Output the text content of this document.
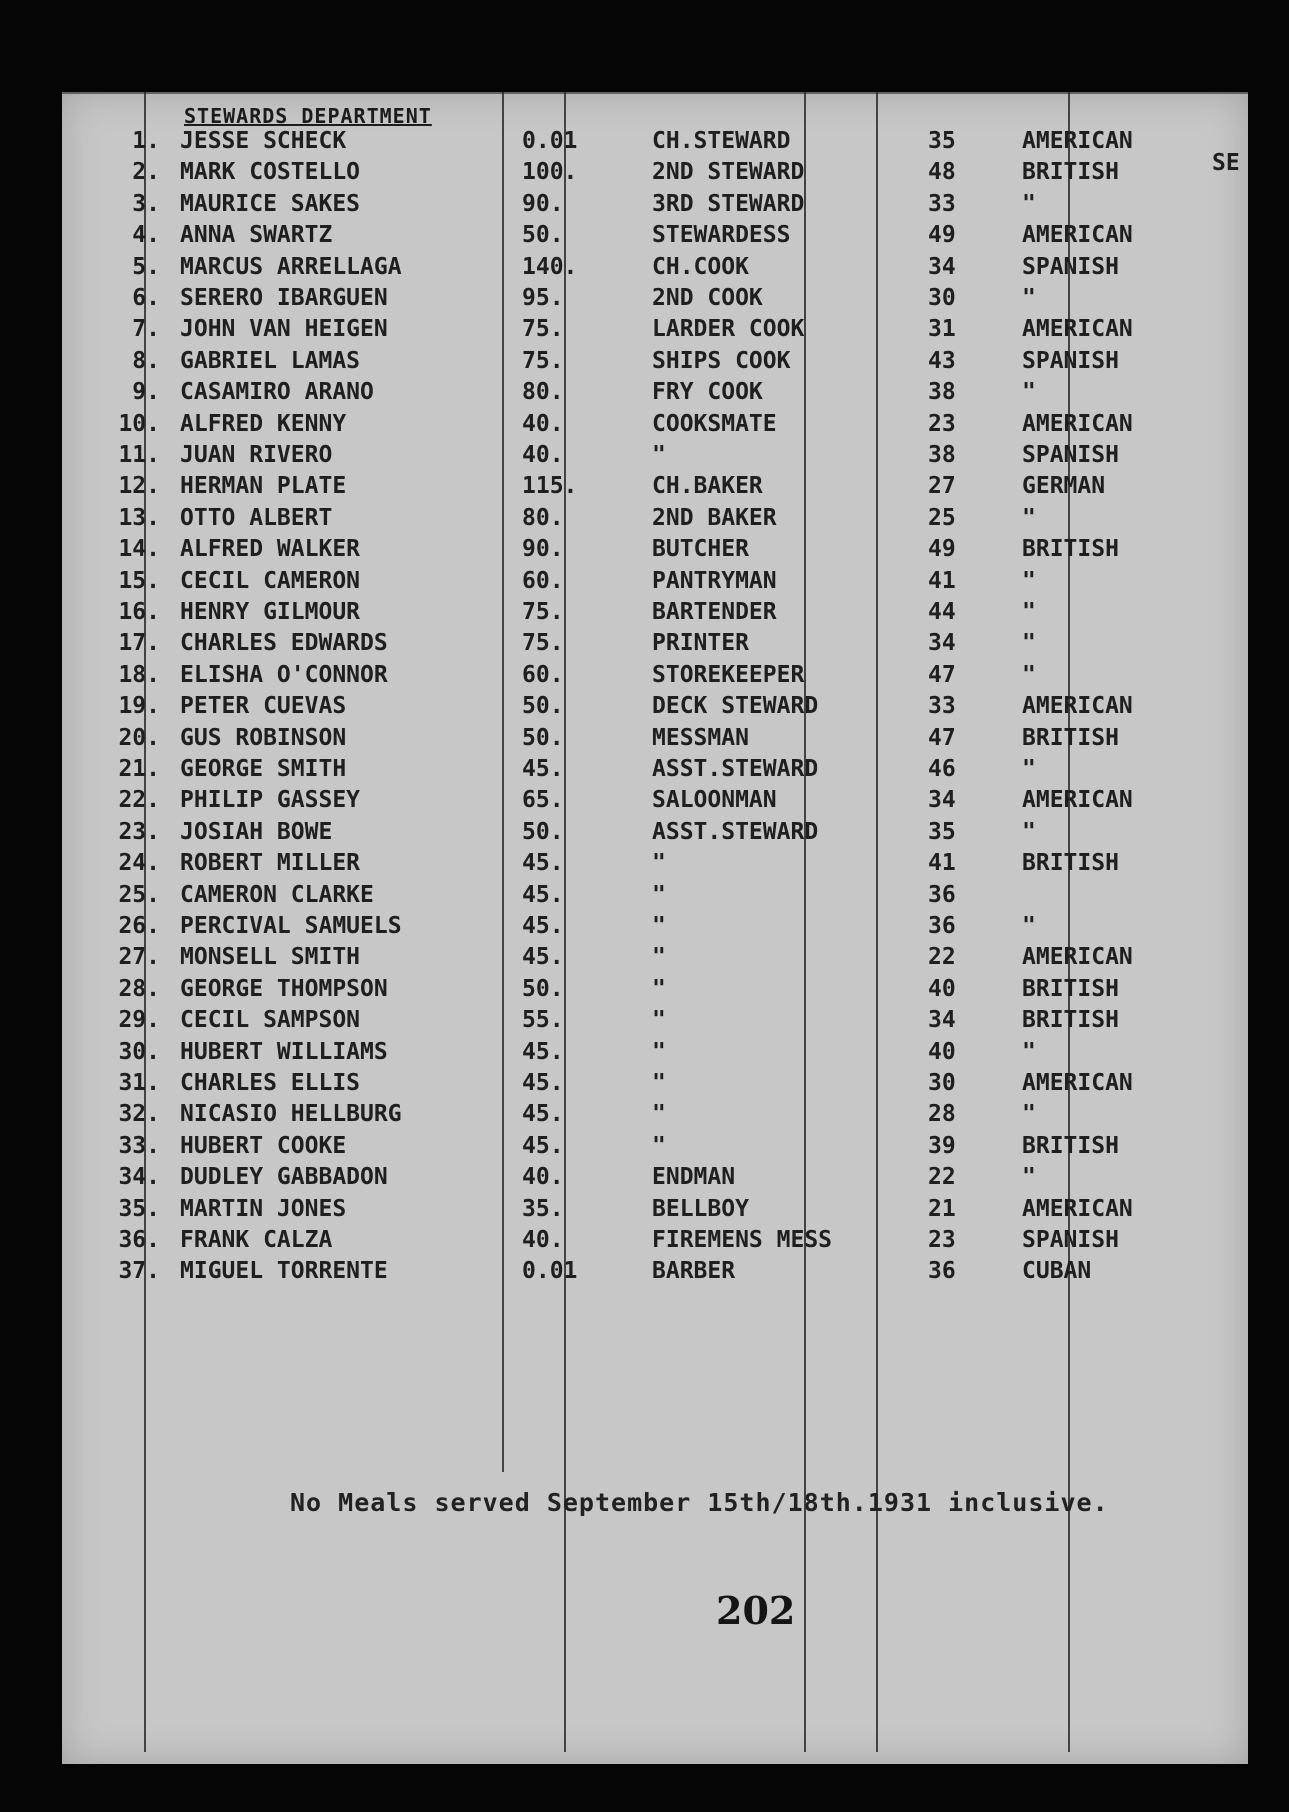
STEWARDS DEPARTMENT
SE
1. JESSE SCHECK	0.01	CH.STEWARD	35	AMERICAN
2. MARK COSTELLO	100.	2ND STEWARD	48	BRITISH
3. MAURICE SAKES	90.	3RD STEWARD	33	"
4. ANNA SWARTZ	50.	STEWARDESS	49	AMERICAN
5. MARCUS ARRELLAGA	140.	CH.COOK	34	SPANISH
6. SERERO IBARGUEN	95.	2ND COOK	30	"
7. JOHN VAN HEIGEN	75.	LARDER COOK	31	AMERICAN
8. GABRIEL LAMAS	75.	SHIPS COOK	43	SPANISH
9. CASAMIRO ARANO	80.	FRY COOK	38	"
10. ALFRED KENNY	40.	COOKSMATE	23	AMERICAN
11. JUAN RIVERO	40.	"	38	SPANISH
12. HERMAN PLATE	115.	CH.BAKER	27	GERMAN
13. OTTO ALBERT	80.	2ND BAKER	25	"
14. ALFRED WALKER	90.	BUTCHER	49	BRITISH
15. CECIL CAMERON	60.	PANTRYMAN	41	"
16. HENRY GILMOUR	75.	BARTENDER	44	"
17. CHARLES EDWARDS	75.	PRINTER	34	"
18. ELISHA O'CONNOR	60.	STOREKEEPER	47	"
19. PETER CUEVAS	50.	DECK STEWARD	33	AMERICAN
20. GUS ROBINSON	50.	MESSMAN	47	BRITISH
21. GEORGE SMITH	45.	ASST.STEWARD	46	"
22. PHILIP GASSEY	65.	SALOONMAN	34	AMERICAN
23. JOSIAH BOWE	50.	ASST.STEWARD	35	"
24. ROBERT MILLER	45.	"	41	BRITISH
25. CAMERON CLARKE	45.	"	36
26. PERCIVAL SAMUELS	45.	"	36	"
27. MONSELL SMITH	45.	"	22	AMERICAN
28. GEORGE THOMPSON	50.	"	40	BRITISH
29. CECIL SAMPSON	55.	"	34	BRITISH
30. HUBERT WILLIAMS	45.	"	40	"
31. CHARLES ELLIS	45.	"	30	AMERICAN
32. NICASIO HELLBURG	45.	"	28	"
33. HUBERT COOKE	45.	"	39	BRITISH
34. DUDLEY GABBADON	40.	ENDMAN	22	"
35. MARTIN JONES	35.	BELLBOY	21	AMERICAN
36. FRANK CALZA	40.	FIREMENS MESS	23	SPANISH
37. MIGUEL TORRENTE	0.01	BARBER	36	CUBAN
No Meals served September 15th/18th.1931 inclusive.
202
